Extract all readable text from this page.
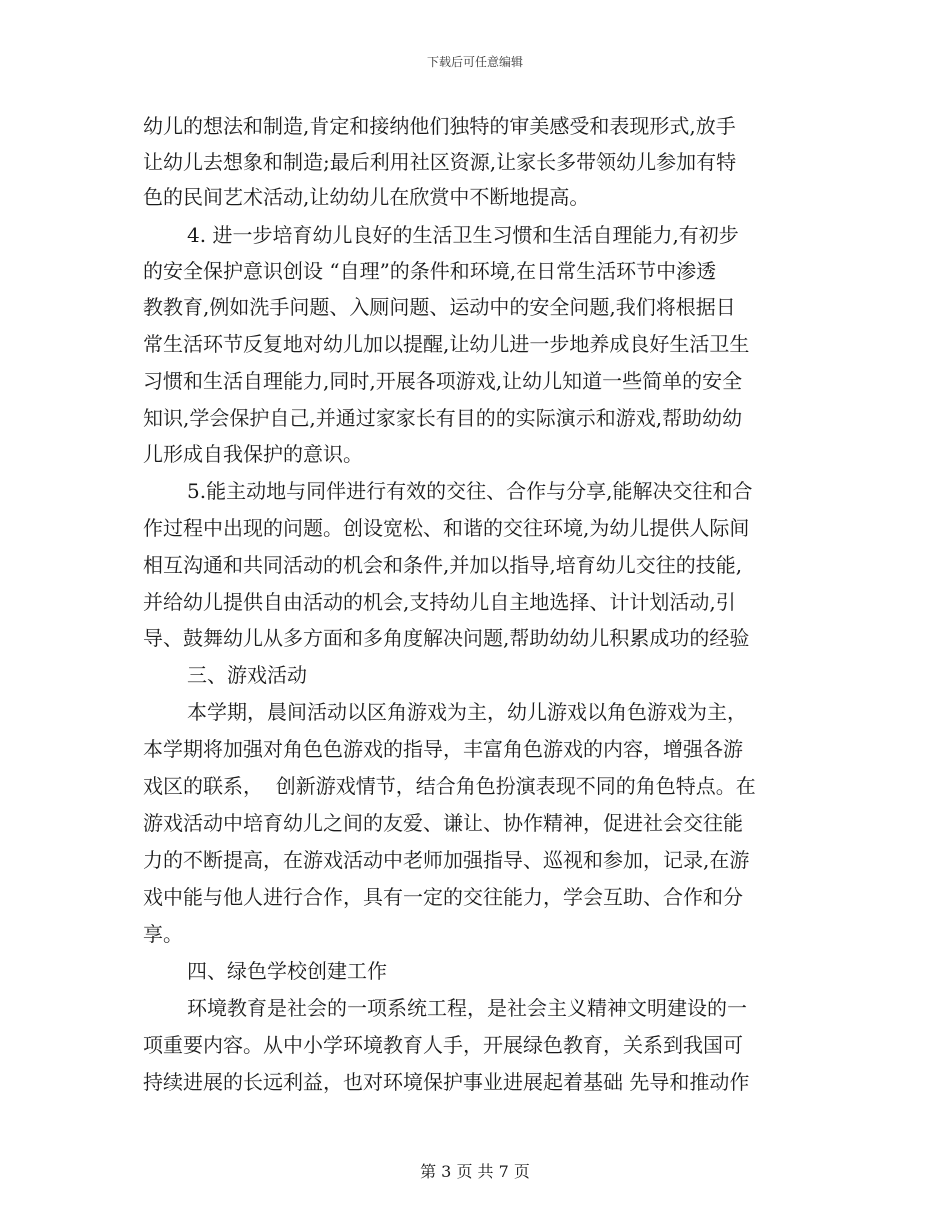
下载后可任意编辑
幼儿的想法和制造,肯定和接纳他们独特的审美感受和表现形式,放手
让幼儿去想象和制造;最后利用社区资源,让家长多带领幼儿参加有特
色的民间艺术活动,让幼幼儿在欣赏中不断地提高。
4. 进一步培育幼儿良好的生活卫生习惯和生活自理能力,有初步
的安全保护意识创设 “自理”的条件和环境,在日常生活环节中渗透
教教育,例如洗手问题、入厕问题、运动中的安全问题,我们将根据日
常生活环节反复地对幼儿加以提醒,让幼儿进一步地养成良好生活卫生
习惯和生活自理能力,同时,开展各项游戏,让幼儿知道一些简单的安全
知识,学会保护自己,并通过家家长有目的的实际演示和游戏,帮助幼幼
儿形成自我保护的意识。
5.能主动地与同伴进行有效的交往、合作与分享,能解决交往和合
作过程中出现的问题。创设宽松、和谐的交往环境,为幼儿提供人际间
相互沟通和共同活动的机会和条件,并加以指导,培育幼儿交往的技能,
并给幼儿提供自由活动的机会,支持幼儿自主地选择、计计划活动,引
导、鼓舞幼儿从多方面和多角度解决问题,帮助幼幼儿积累成功的经验
三、游戏活动
本学期，晨间活动以区角游戏为主，幼儿游戏以角色游戏为主，
本学期将加强对角色色游戏的指导，丰富角色游戏的内容，增强各游
戏区的联系，  创新游戏情节，结合角色扮演表现不同的角色特点。在
游戏活动中培育幼儿之间的友爱、谦让、协作精神，促进社会交往能
力的不断提高，在游戏活动中老师加强指导、巡视和参加，记录,在游
戏中能与他人进行合作，具有一定的交往能力，学会互助、合作和分
享。
四、绿色学校创建工作
环境教育是社会的一项系统工程，是社会主义精神文明建设的一
项重要内容。从中小学环境教育人手，开展绿色教育，关系到我国可
持续进展的长远利益，也对环境保护事业进展起着基础 先导和推动作
第 3 页 共 7 页
